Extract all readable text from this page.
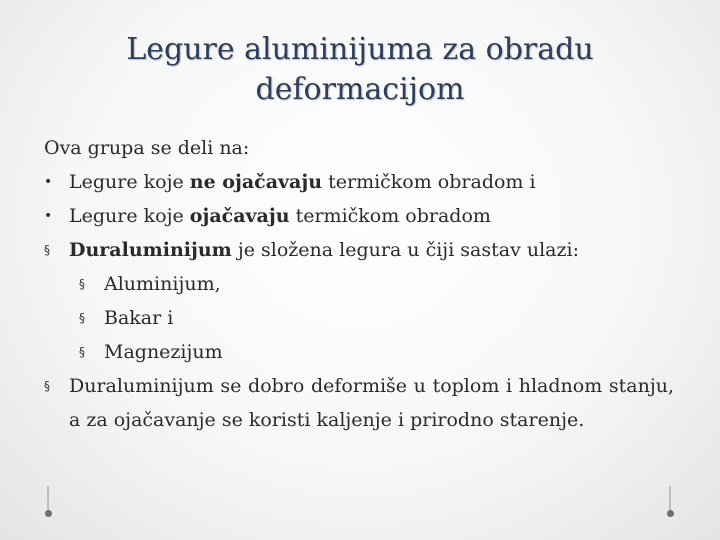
Legure aluminijuma za obradu
deformacijom
Ova grupa se deli na:
• Legure koje ne ojačavaju termičkom obradom i
• Legure koje ojačavaju termičkom obradom
§ Duraluminijum je složena legura u čiji sastav ulazi:
§ Aluminijum,
§ Bakar i
§ Magnezijum
§ Duraluminijum se dobro deformiše u toplom i hladnom stanju, a za ojačavanje se koristi kaljenje i prirodno starenje.
